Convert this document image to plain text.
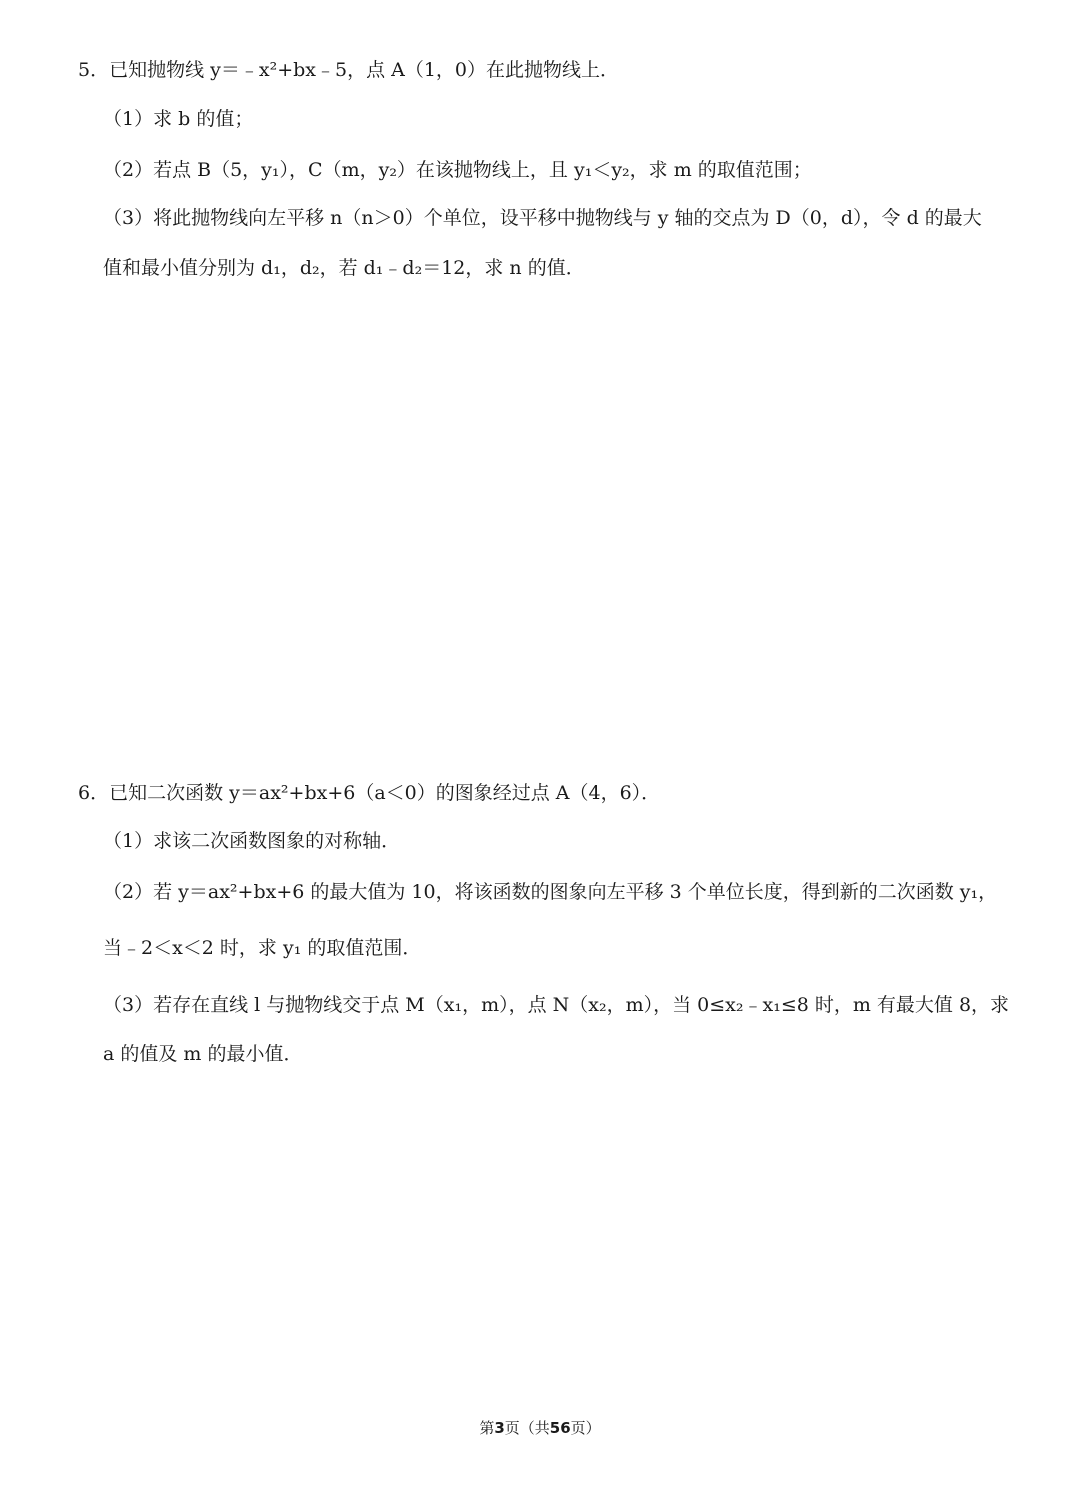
5．已知抛物线 y＝﹣x²+bx﹣5，点 A（1，0）在此抛物线上．
（1）求 b 的值；
（2）若点 B（5，y₁），C（m，y₂）在该抛物线上，且 y₁＜y₂，求 m 的取值范围；
（3）将此抛物线向左平移 n（n＞0）个单位，设平移中抛物线与 y 轴的交点为 D（0，d），令 d 的最大
值和最小值分别为 d₁，d₂，若 d₁﹣d₂＝12，求 n 的值．
6．已知二次函数 y＝ax²+bx+6（a＜0）的图象经过点 A（4，6）．
（1）求该二次函数图象的对称轴．
（2）若 y＝ax²+bx+6 的最大值为 10，将该函数的图象向左平移 3 个单位长度，得到新的二次函数 y₁，
当﹣2＜x＜2 时，求 y₁ 的取值范围．
（3）若存在直线 l 与抛物线交于点 M（x₁，m），点 N（x₂，m），当 0≤x₂﹣x₁≤8 时，m 有最大值 8，求
a 的值及 m 的最小值．
第3页（共56页）
